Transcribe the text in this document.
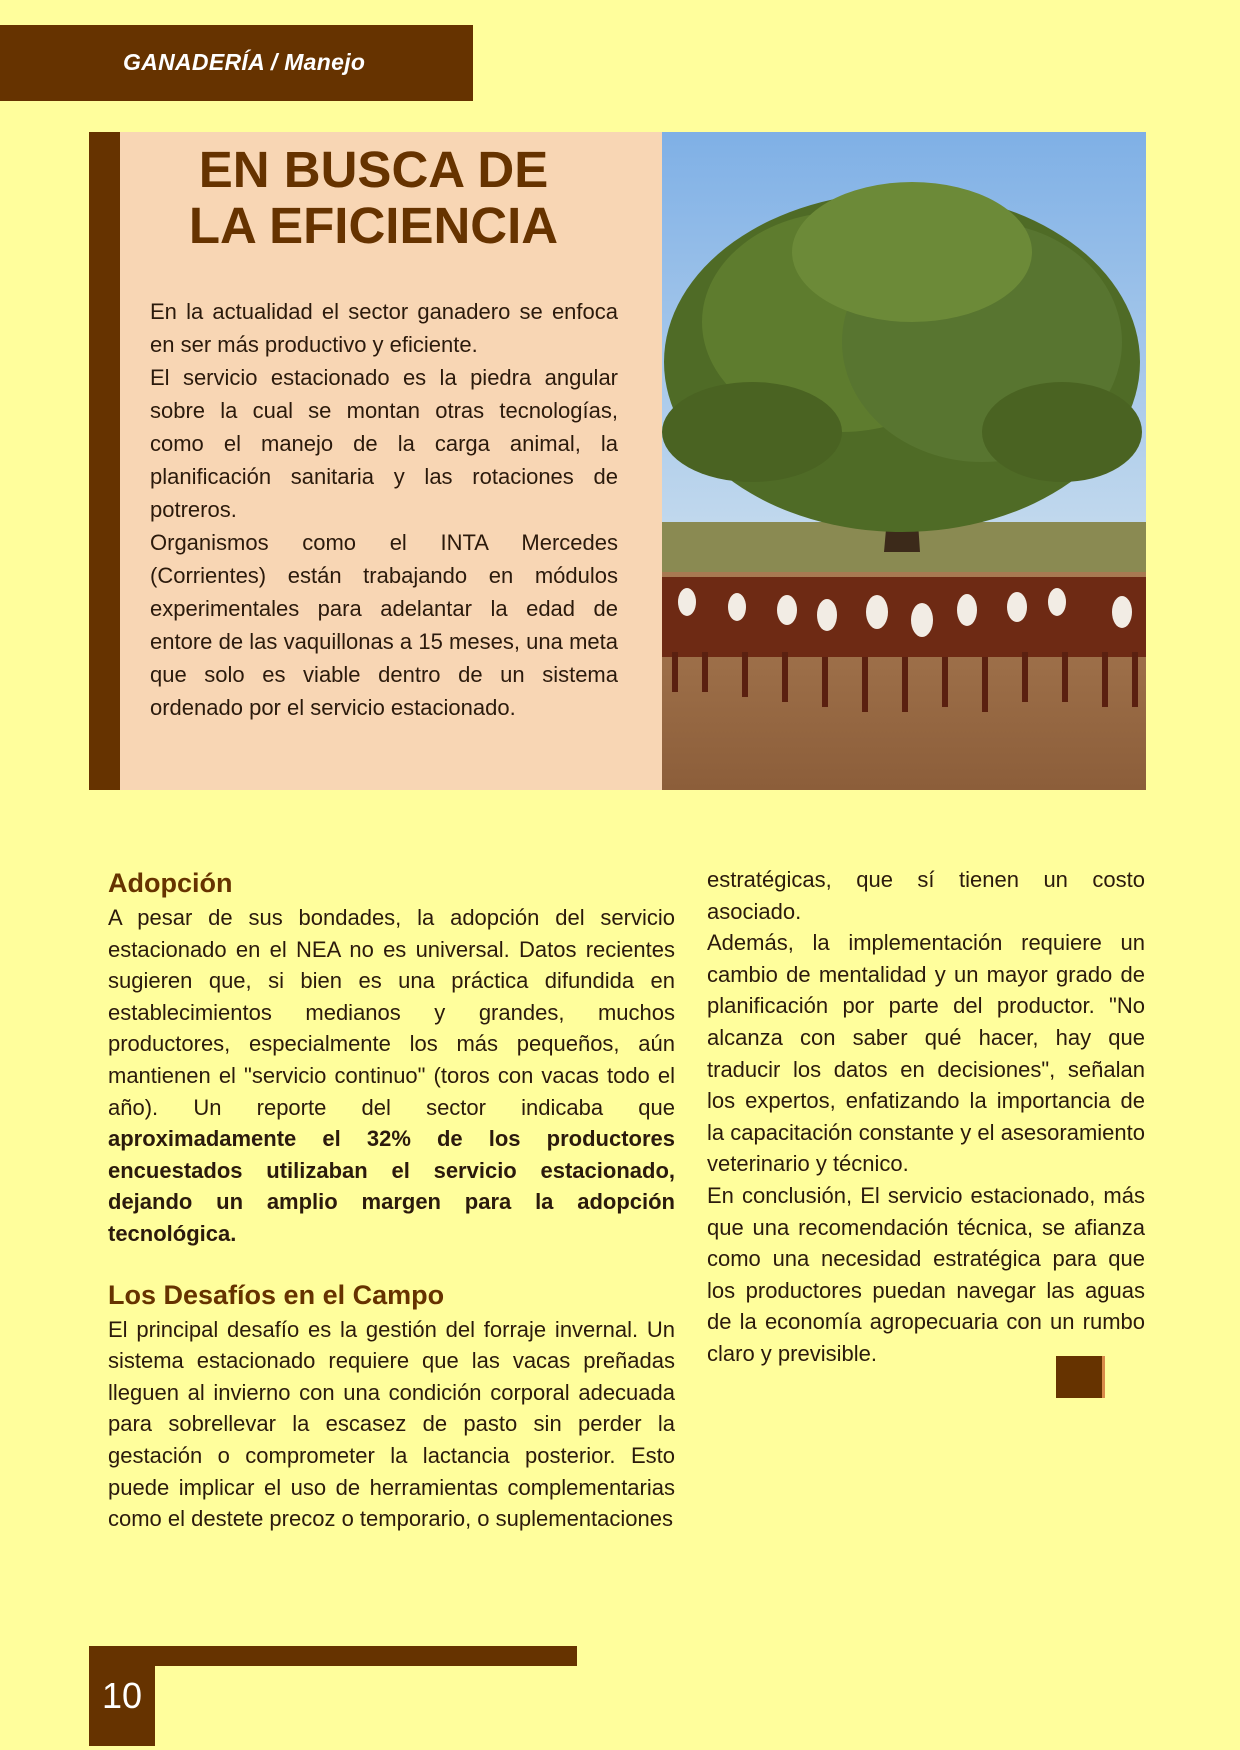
GANADERÍA / Manejo
EN BUSCA DE
LA EFICIENCIA

En la actualidad el sector ganadero se enfoca en ser más productivo y eficiente.

El servicio estacionado es la piedra angular sobre la cual se montan otras tecnologías, como el manejo de la carga animal, la planificación sanitaria y las rotaciones de potreros.

Organismos como el INTA Mercedes (Corrientes) están trabajando en módulos experimentales para adelantar la edad de entore de las vaquillonas a 15 meses, una meta que solo es viable dentro de un sistema ordenado por el servicio estacionado.

Adopción

A pesar de sus bondades, la adopción del servicio estacionado en el NEA no es universal. Datos recientes sugieren que, si bien es una práctica difundida en establecimientos medianos y grandes, muchos productores, especialmente los más pequeños, aún mantienen el "servicio continuo" (toros con vacas todo el año). Un reporte del sector indicaba que aproximadamente el 32% de los productores encuestados utilizaban el servicio estacionado, dejando un amplio margen para la adopción tecnológica.

Los Desafíos en el Campo

El principal desafío es la gestión del forraje invernal. Un sistema estacionado requiere que las vacas preñadas lleguen al invierno con una condición corporal adecuada para sobrellevar la escasez de pasto sin perder la gestación o comprometer la lactancia posterior. Esto puede implicar el uso de herramientas complementarias como el destete precoz o temporario, o suplementaciones

estratégicas, que sí tienen un costo asociado.

Además, la implementación requiere un cambio de mentalidad y un mayor grado de planificación por parte del productor. "No alcanza con saber qué hacer, hay que traducir los datos en decisiones", señalan los expertos, enfatizando la importancia de la capacitación constante y el asesoramiento veterinario y técnico.

En conclusión, El servicio estacionado, más que una recomendación técnica, se afianza como una necesidad estratégica para que los productores puedan navegar las aguas de la economía agropecuaria con un rumbo claro y previsible.

10
